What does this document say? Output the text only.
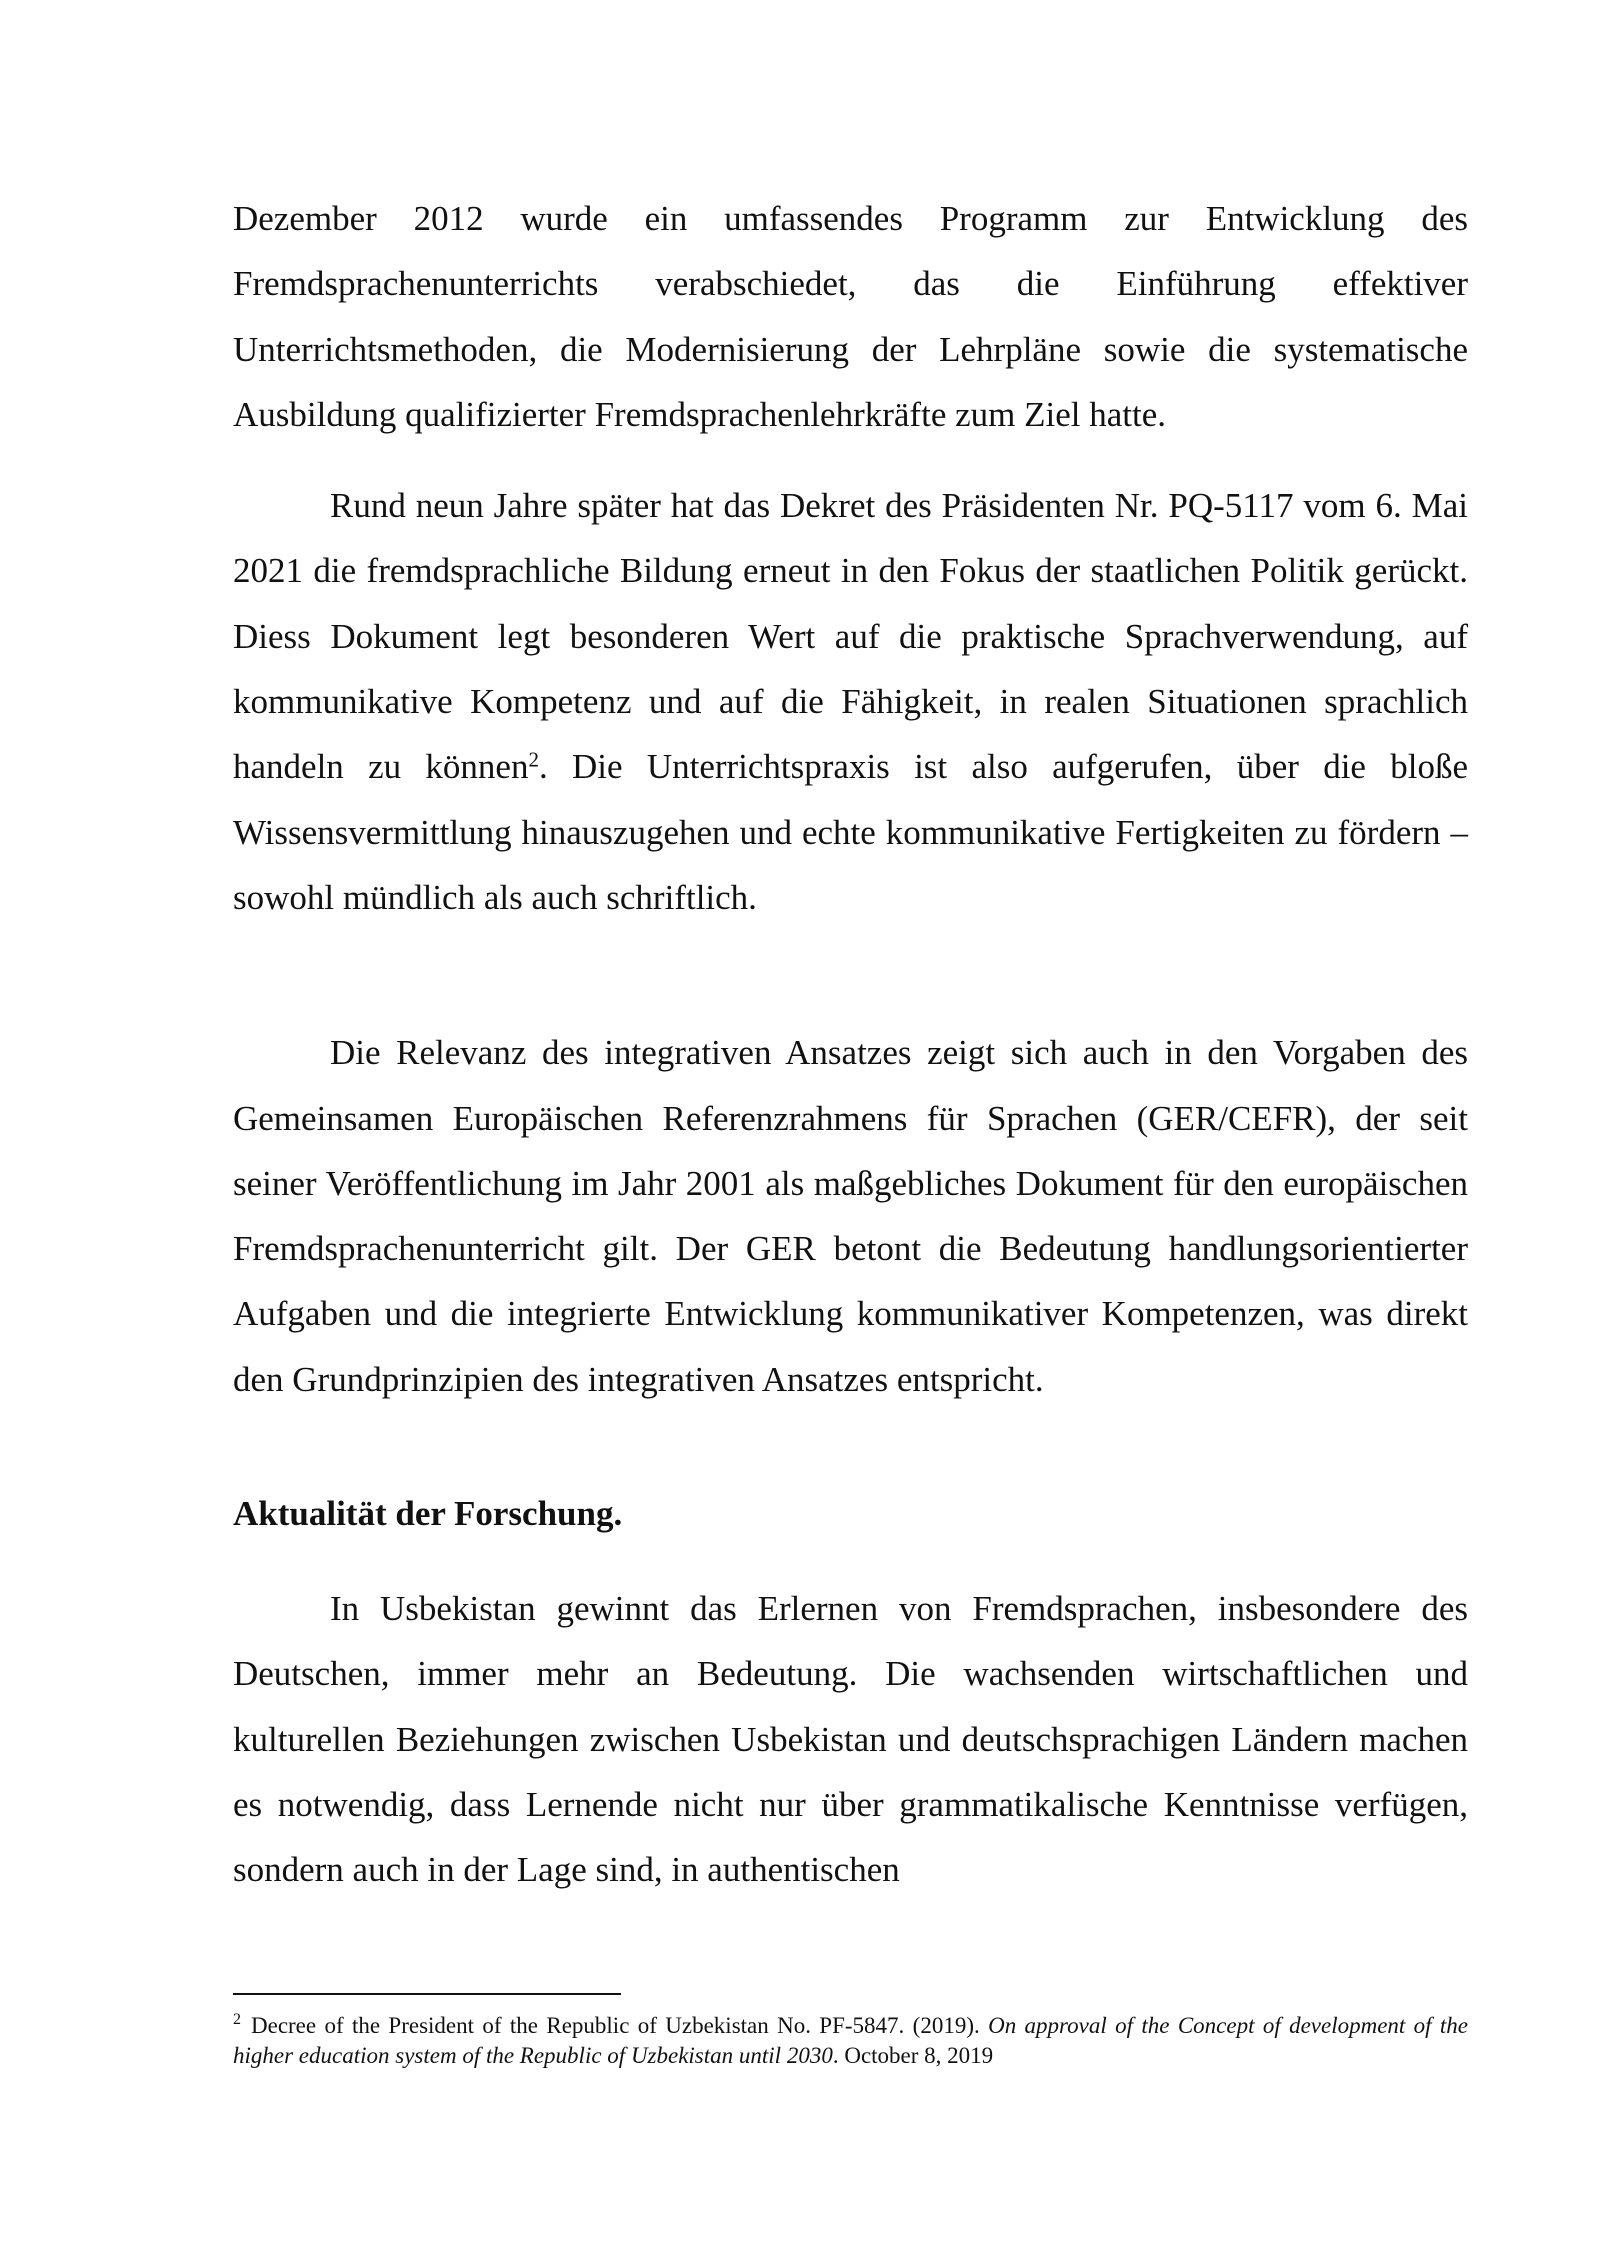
Dezember 2012 wurde ein umfassendes Programm zur Entwicklung des Fremdsprachenunterrichts verabschiedet, das die Einführung effektiver Unterrichtsmethoden, die Modernisierung der Lehrpläne sowie die systematische Ausbildung qualifizierter Fremdsprachenlehrkräfte zum Ziel hatte.

Rund neun Jahre später hat das Dekret des Präsidenten Nr. PQ-5117 vom 6. Mai 2021 die fremdsprachliche Bildung erneut in den Fokus der staatlichen Politik gerückt. Diess Dokument legt besonderen Wert auf die praktische Sprachverwendung, auf kommunikative Kompetenz und auf die Fähigkeit, in realen Situationen sprachlich handeln zu können$^2$. Die Unterrichtspraxis ist also aufgerufen, über die bloße Wissensvermittlung hinauszugehen und echte kommunikative Fertigkeiten zu fördern – sowohl mündlich als auch schriftlich.

Die Relevanz des integrativen Ansatzes zeigt sich auch in den Vorgaben des Gemeinsamen Europäischen Referenzrahmens für Sprachen (GER/CEFR), der seit seiner Veröffentlichung im Jahr 2001 als maßgebliches Dokument für den europäischen Fremdsprachenunterricht gilt. Der GER betont die Bedeutung handlungsorientierter Aufgaben und die integrierte Entwicklung kommunikativer Kompetenzen, was direkt den Grundprinzipien des integrativen Ansatzes entspricht.

Aktualität der Forschung.

In Usbekistan gewinnt das Erlernen von Fremdsprachen, insbesondere des Deutschen, immer mehr an Bedeutung. Die wachsenden wirtschaftlichen und kulturellen Beziehungen zwischen Usbekistan und deutschsprachigen Ländern machen es notwendig, dass Lernende nicht nur über grammatikalische Kenntnisse verfügen, sondern auch in der Lage sind, in authentischen

$^2$ Decree of the President of the Republic of Uzbekistan No. PF-5847. (2019). On approval of the Concept of development of the higher education system of the Republic of Uzbekistan until 2030. October 8, 2019
